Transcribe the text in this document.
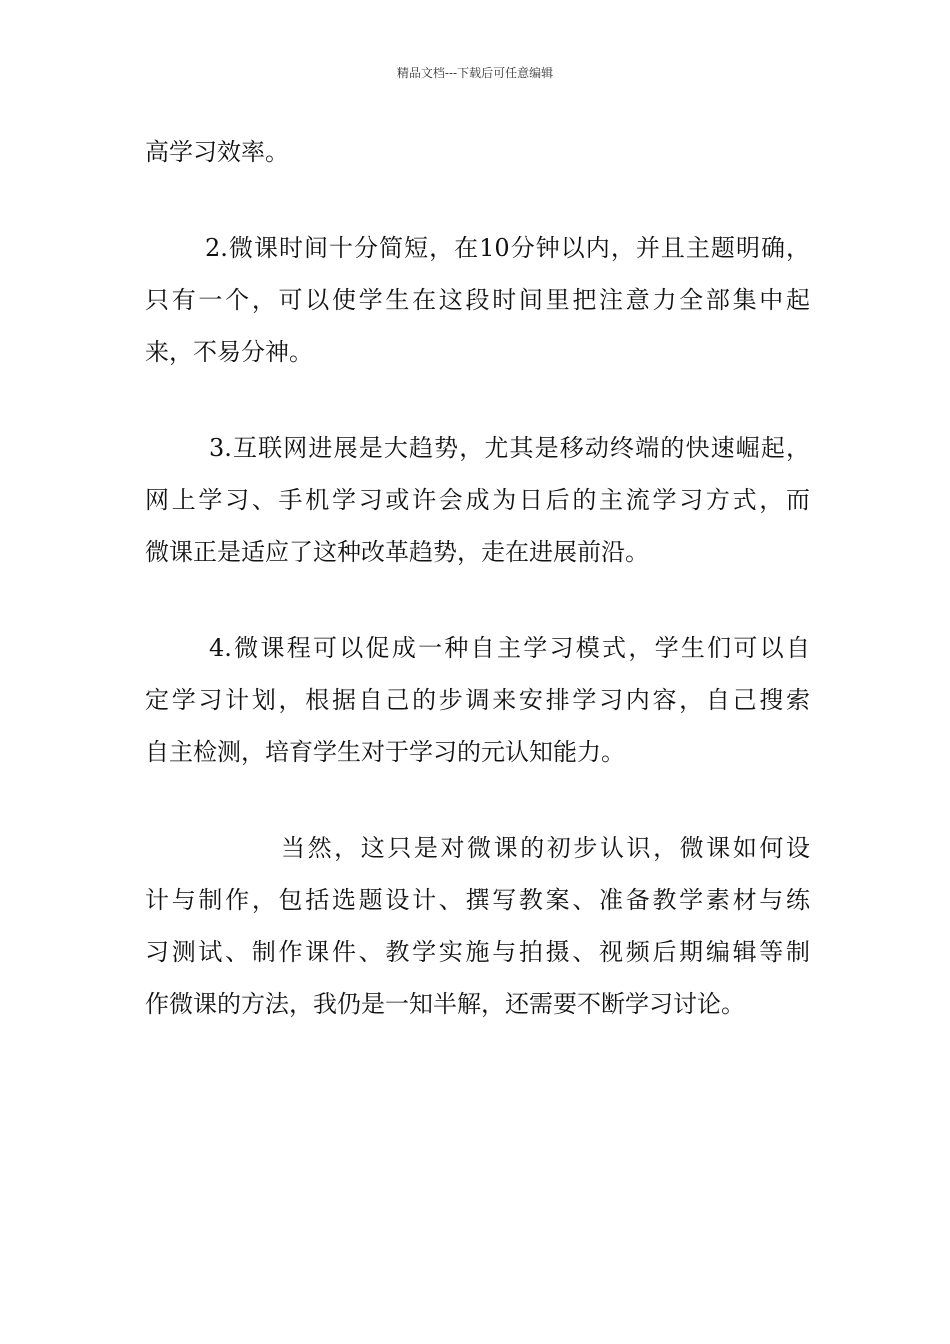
精品文档---下载后可任意编辑
高学习效率。
2.微课时间十分简短，在10分钟以内，并且主题明确，
只有一个，可以使学生在这段时间里把注意力全部集中起
来，不易分神。
3.互联网进展是大趋势，尤其是移动终端的快速崛起，
网上学习、手机学习或许会成为日后的主流学习方式，而
微课正是适应了这种改革趋势，走在进展前沿。
4.微课程可以促成一种自主学习模式，学生们可以自
定学习计划，根据自己的步调来安排学习内容，自己搜索
自主检测，培育学生对于学习的元认知能力。
当然，这只是对微课的初步认识，微课如何设
计与制作，包括选题设计、撰写教案、准备教学素材与练
习测试、制作课件、教学实施与拍摄、视频后期编辑等制
作微课的方法，我仍是一知半解，还需要不断学习讨论。
